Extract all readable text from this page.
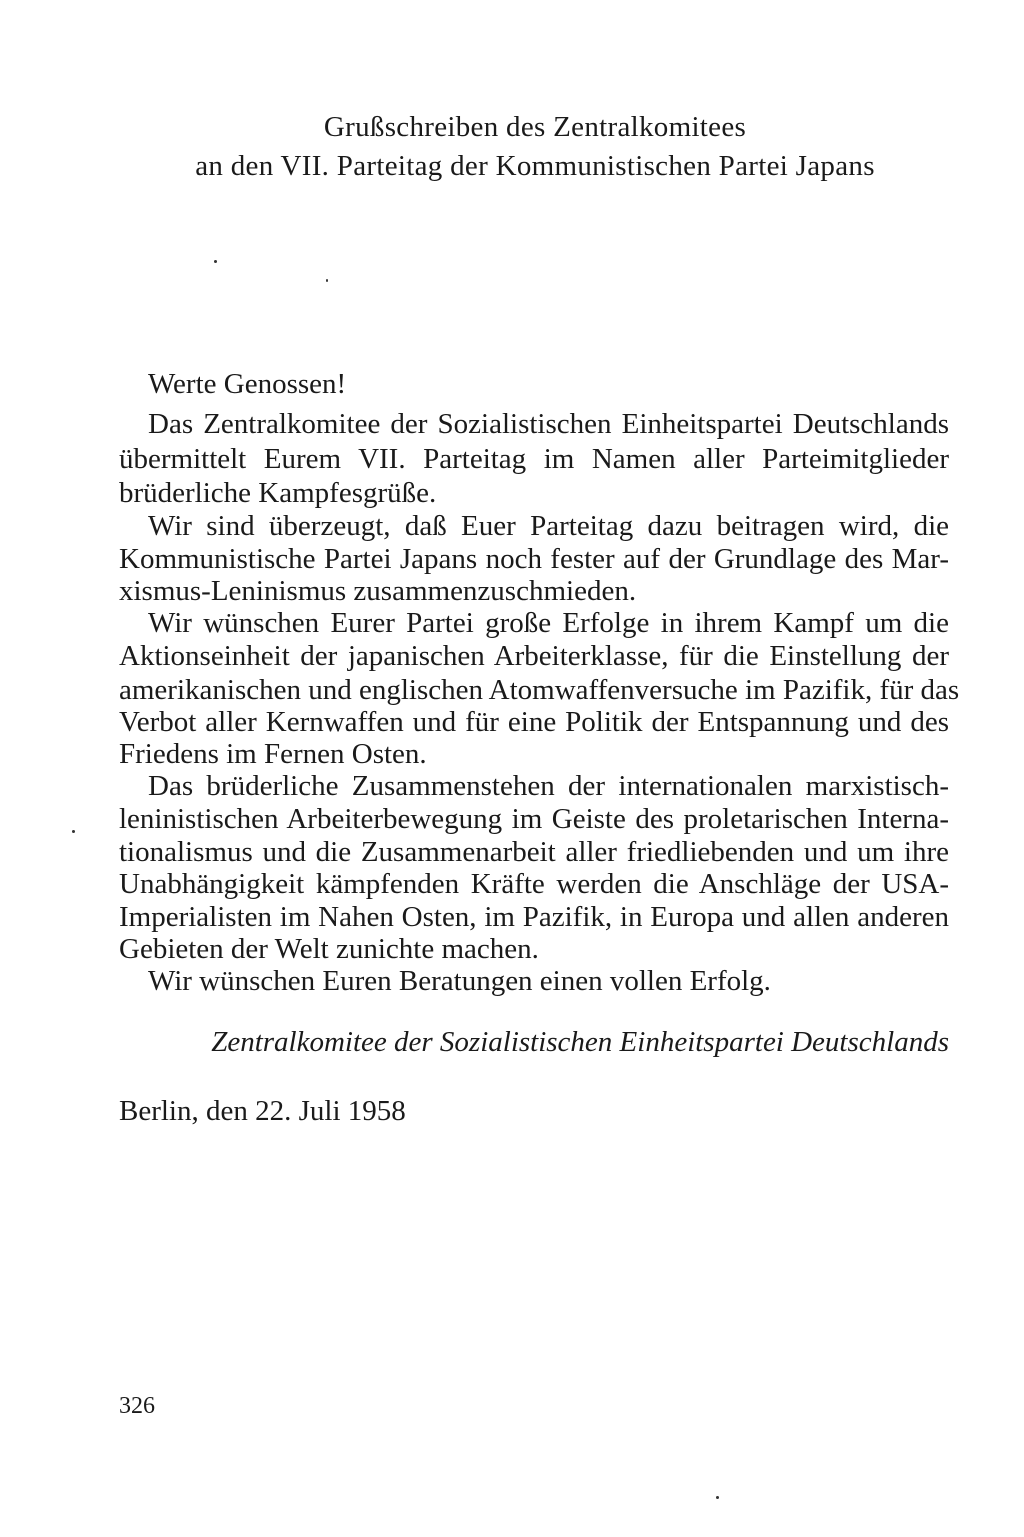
Grußschreiben des Zentralkomitees
an den VII. Parteitag der Kommunistischen Partei Japans
Werte Genossen!
Das Zentralkomitee der Sozialistischen Einheitspartei Deutschlands
übermittelt Eurem VII. Parteitag im Namen aller Parteimitglieder
brüderliche Kampfesgrüße.
Wir sind überzeugt, daß Euer Parteitag dazu beitragen wird, die
Kommunistische Partei Japans noch fester auf der Grundlage des Mar-
xismus-Leninismus zusammenzuschmieden.
Wir wünschen Eurer Partei große Erfolge in ihrem Kampf um die
Aktionseinheit der japanischen Arbeiterklasse, für die Einstellung der
amerikanischen und englischen Atomwaffenversuche im Pazifik, für das
Verbot aller Kernwaffen und für eine Politik der Entspannung und des
Friedens im Fernen Osten.
Das brüderliche Zusammenstehen der internationalen marxistisch-
leninistischen Arbeiterbewegung im Geiste des proletarischen Interna-
tionalismus und die Zusammenarbeit aller friedliebenden und um ihre
Unabhängigkeit kämpfenden Kräfte werden die Anschläge der USA-
Imperialisten im Nahen Osten, im Pazifik, in Europa und allen anderen
Gebieten der Welt zunichte machen.
Wir wünschen Euren Beratungen einen vollen Erfolg.
Zentralkomitee der Sozialistischen Einheitspartei Deutschlands
Berlin, den 22. Juli 1958
326
